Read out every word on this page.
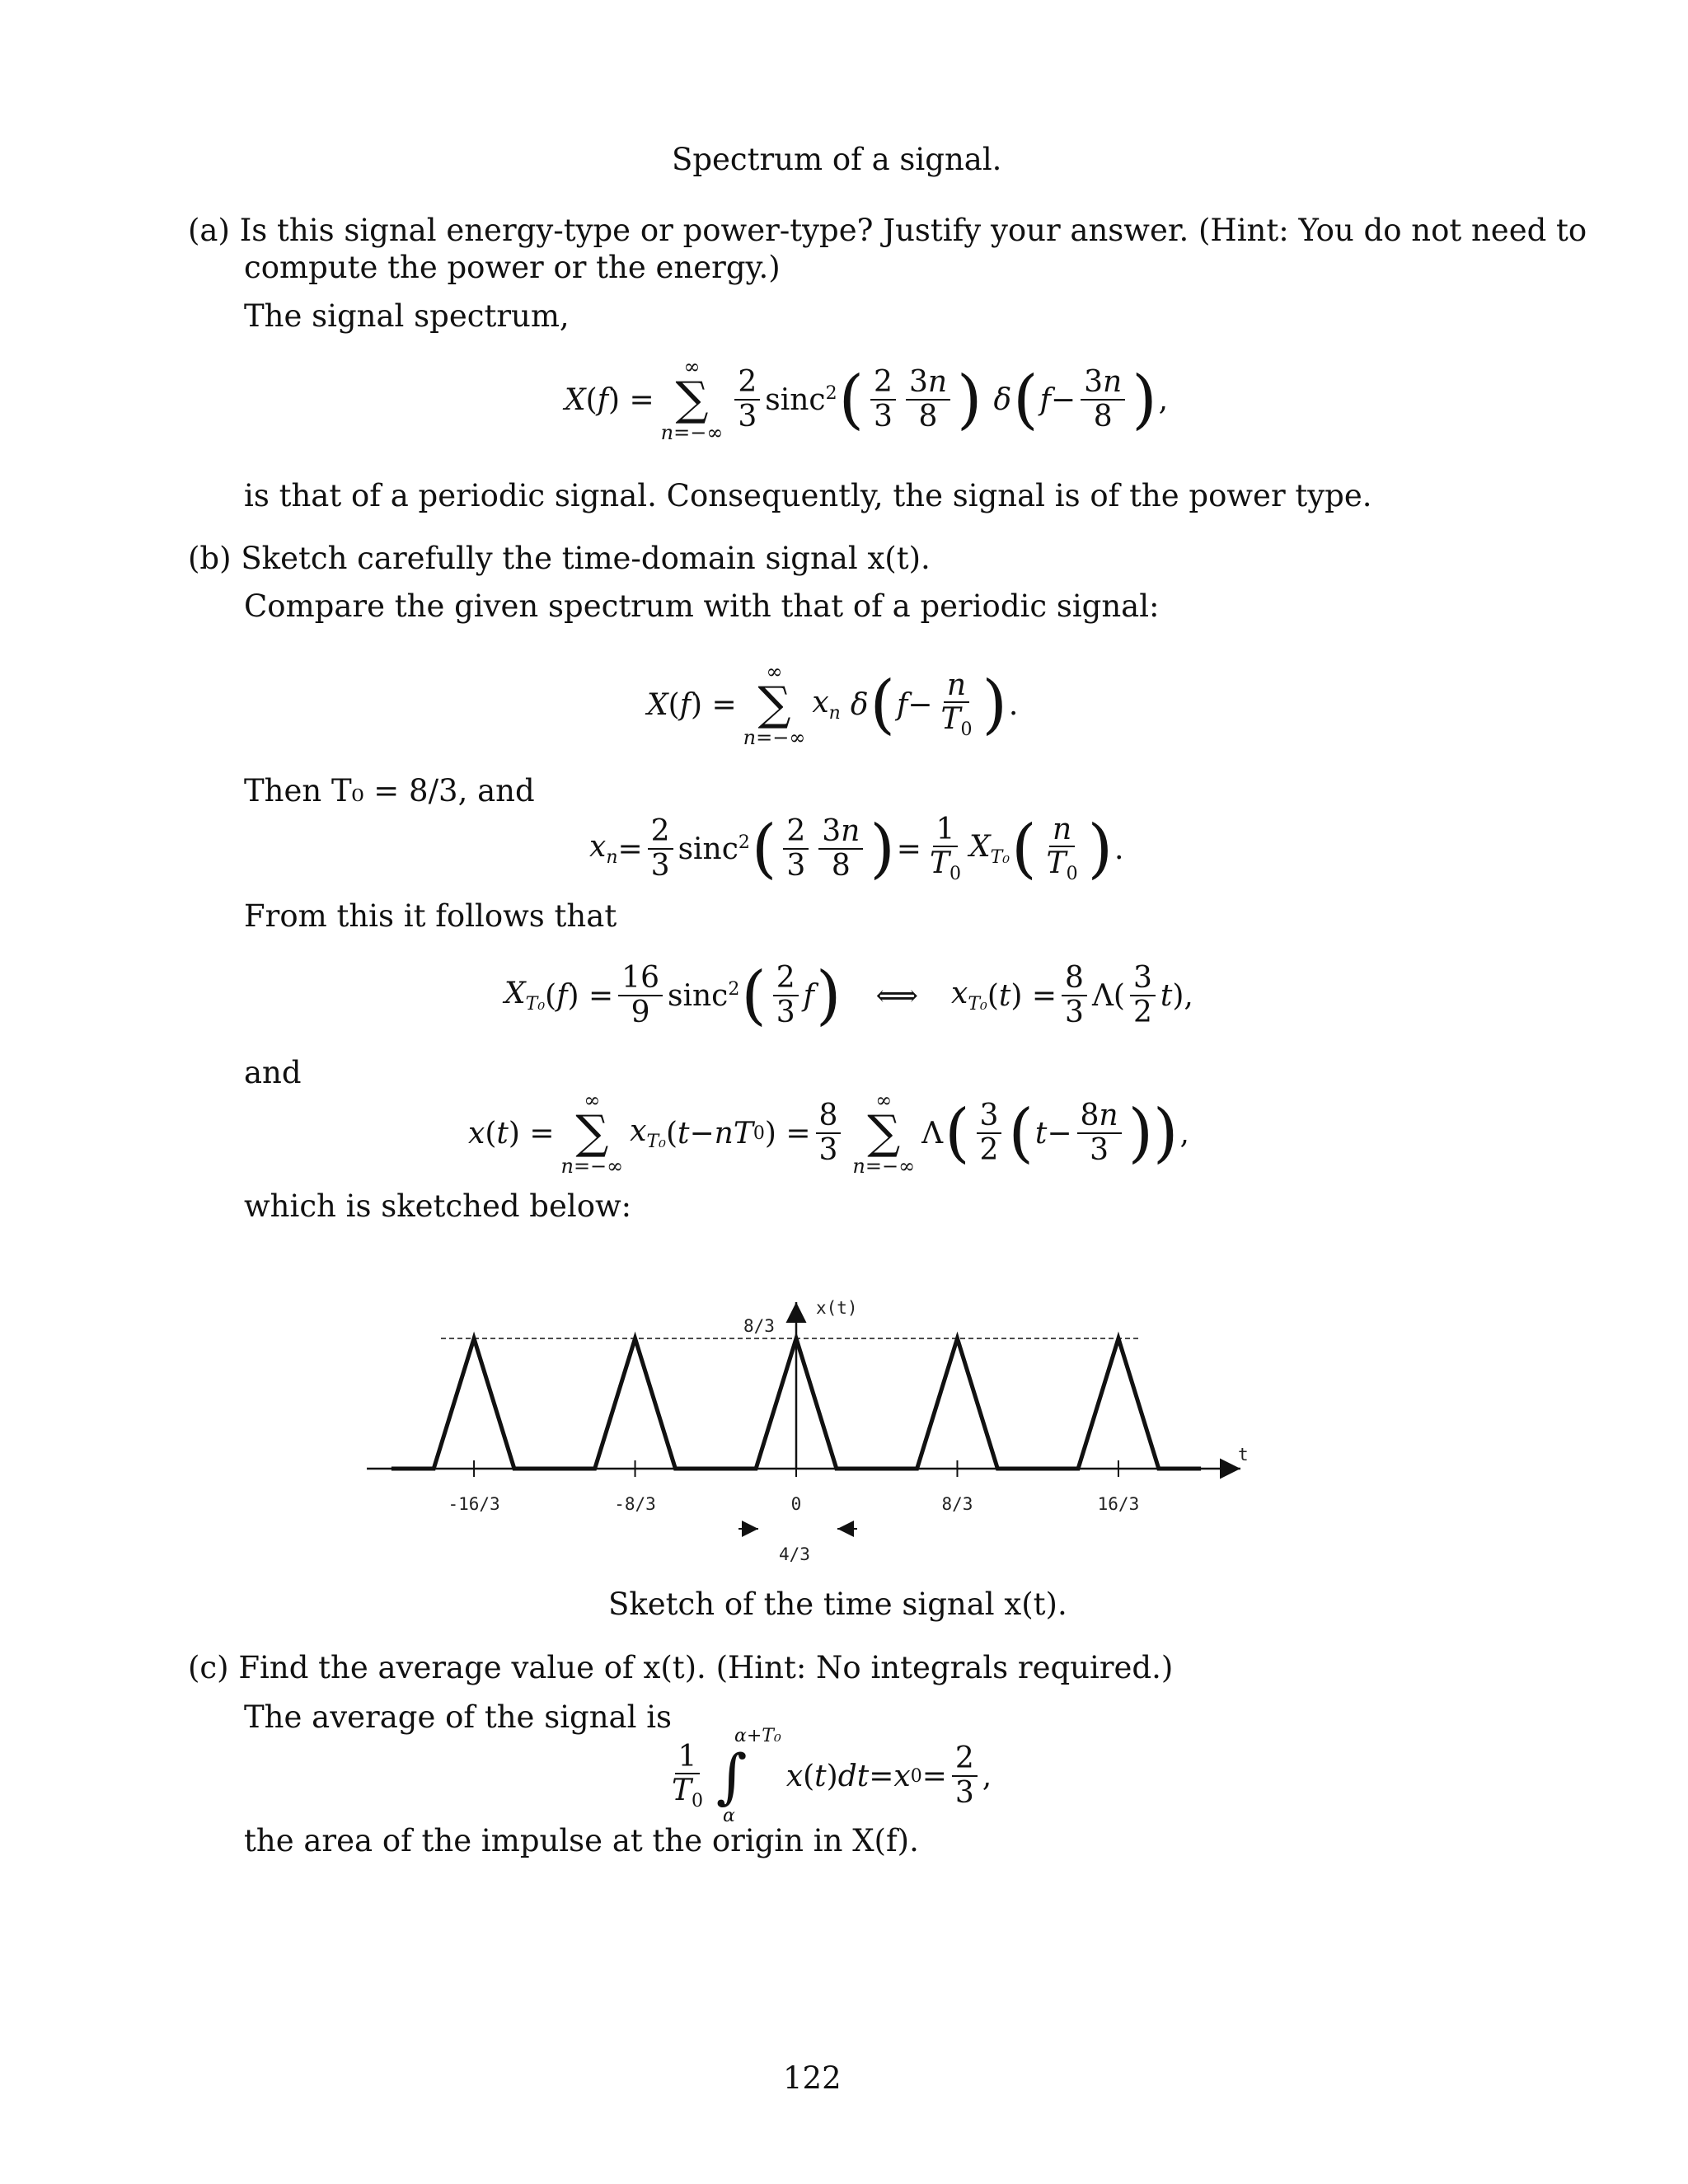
Spectrum of a signal.
(a) Is this signal energy-type or power-type? Justify your answer. (Hint: You do not need to
compute the power or the energy.)
The signal spectrum,
X ( f ) =
∞
∑
$n=-\infty \frac{2}{3} \sin c^2$ ( $\frac{2}{3} \frac{3n}{8}$ ) δ ( $f - \frac{3n}{8}$ ) ,
is that of a periodic signal. Consequently, the signal is of the power type.
(b) Sketch carefully the time-domain signal x(t).
Compare the given spectrum with that of a periodic signal:
X ( f ) =
∞
∑
n=−∞
$x_n$ δ ( $f - \frac{n}{T_0}$ ) .
Then T₀ = 8/3, and
$x_n = \frac{2}{3} \sin c^2$ ( $\frac{2}{3} \frac{3n}{8}$ ) = $\frac{1}{T_0} X_{T_0}$ ( $\frac{n}{T_0}$ ) .
From this it follows that
$X_{T_0}$ ( f ) = $\frac{16}{9} \sin c^2$ ( $\frac{2}{3}$ f ) ⟺ $x_{T_0}$ ( t ) = $\frac{8}{3} \Lambda( \frac{3}{2}$ t ),
and
x ( t ) =
∞
∑
n=−∞
$x_{T_0}$ ( t − nT 0 ) = $\frac{8}{3}$ ∞
∑
n=−∞
Λ ( $\frac{3}{2}$ ( $t - \frac{8n}{3}$ )) ,
which is sketched below:
-16/3	-8/3	0	8/3	16/3
x(t)
t
8/3
4/3
Sketch of the time signal x(t).
(c) Find the average value of x(t). (Hint: No integrals required.)
The average of the signal is
$\frac{1}{T_0}$
α+T₀
∫
α
x ( t ) dt = x $0 = \frac{2}{3}$ ,
the area of the impulse at the origin in X(f).
122
